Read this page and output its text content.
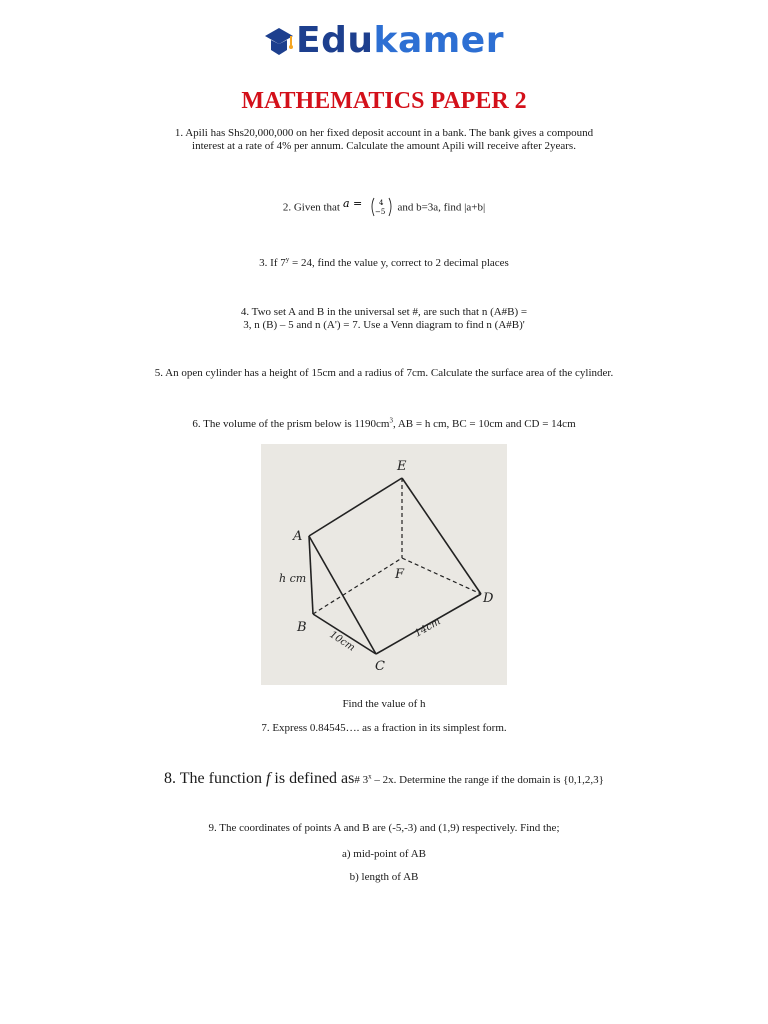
Edukamer
MATHEMATICS PAPER 2
1. Apili has Shs20,000,000 on her fixed deposit account in a bank. The bank gives a compound
interest at a rate of 4% per annum. Calculate the amount Apili will receive after 2years.
2. Given that a = 4
−5 and b=3a, find |a+b|
3. If $7^y = 24$, find the value y, correct to 2 decimal places
4. Two set A and B in the universal set #, are such that n (A#B) =
3, n (B) – 5 and n (A') = 7. Use a Venn diagram to find n (A#B)'
5. An open cylinder has a height of 15cm and a radius of 7cm. Calculate the surface area of the cylinder.
6. The volume of the prism below is $1190cm^3$, AB = h cm, BC = 10cm and CD = 14cm
E
A
F
D
B
C
h cm
10cm
14cm
Find the value of h
7. Express 0.84545…. as a fraction in its simplest form.
8. The function f is defined as# 3$^x$ – 2x. Determine the range if the domain is {0,1,2,3}
9. The coordinates of points A and B are (-5,-3) and (1,9) respectively. Find the;
a) mid-point of AB
b) length of AB
